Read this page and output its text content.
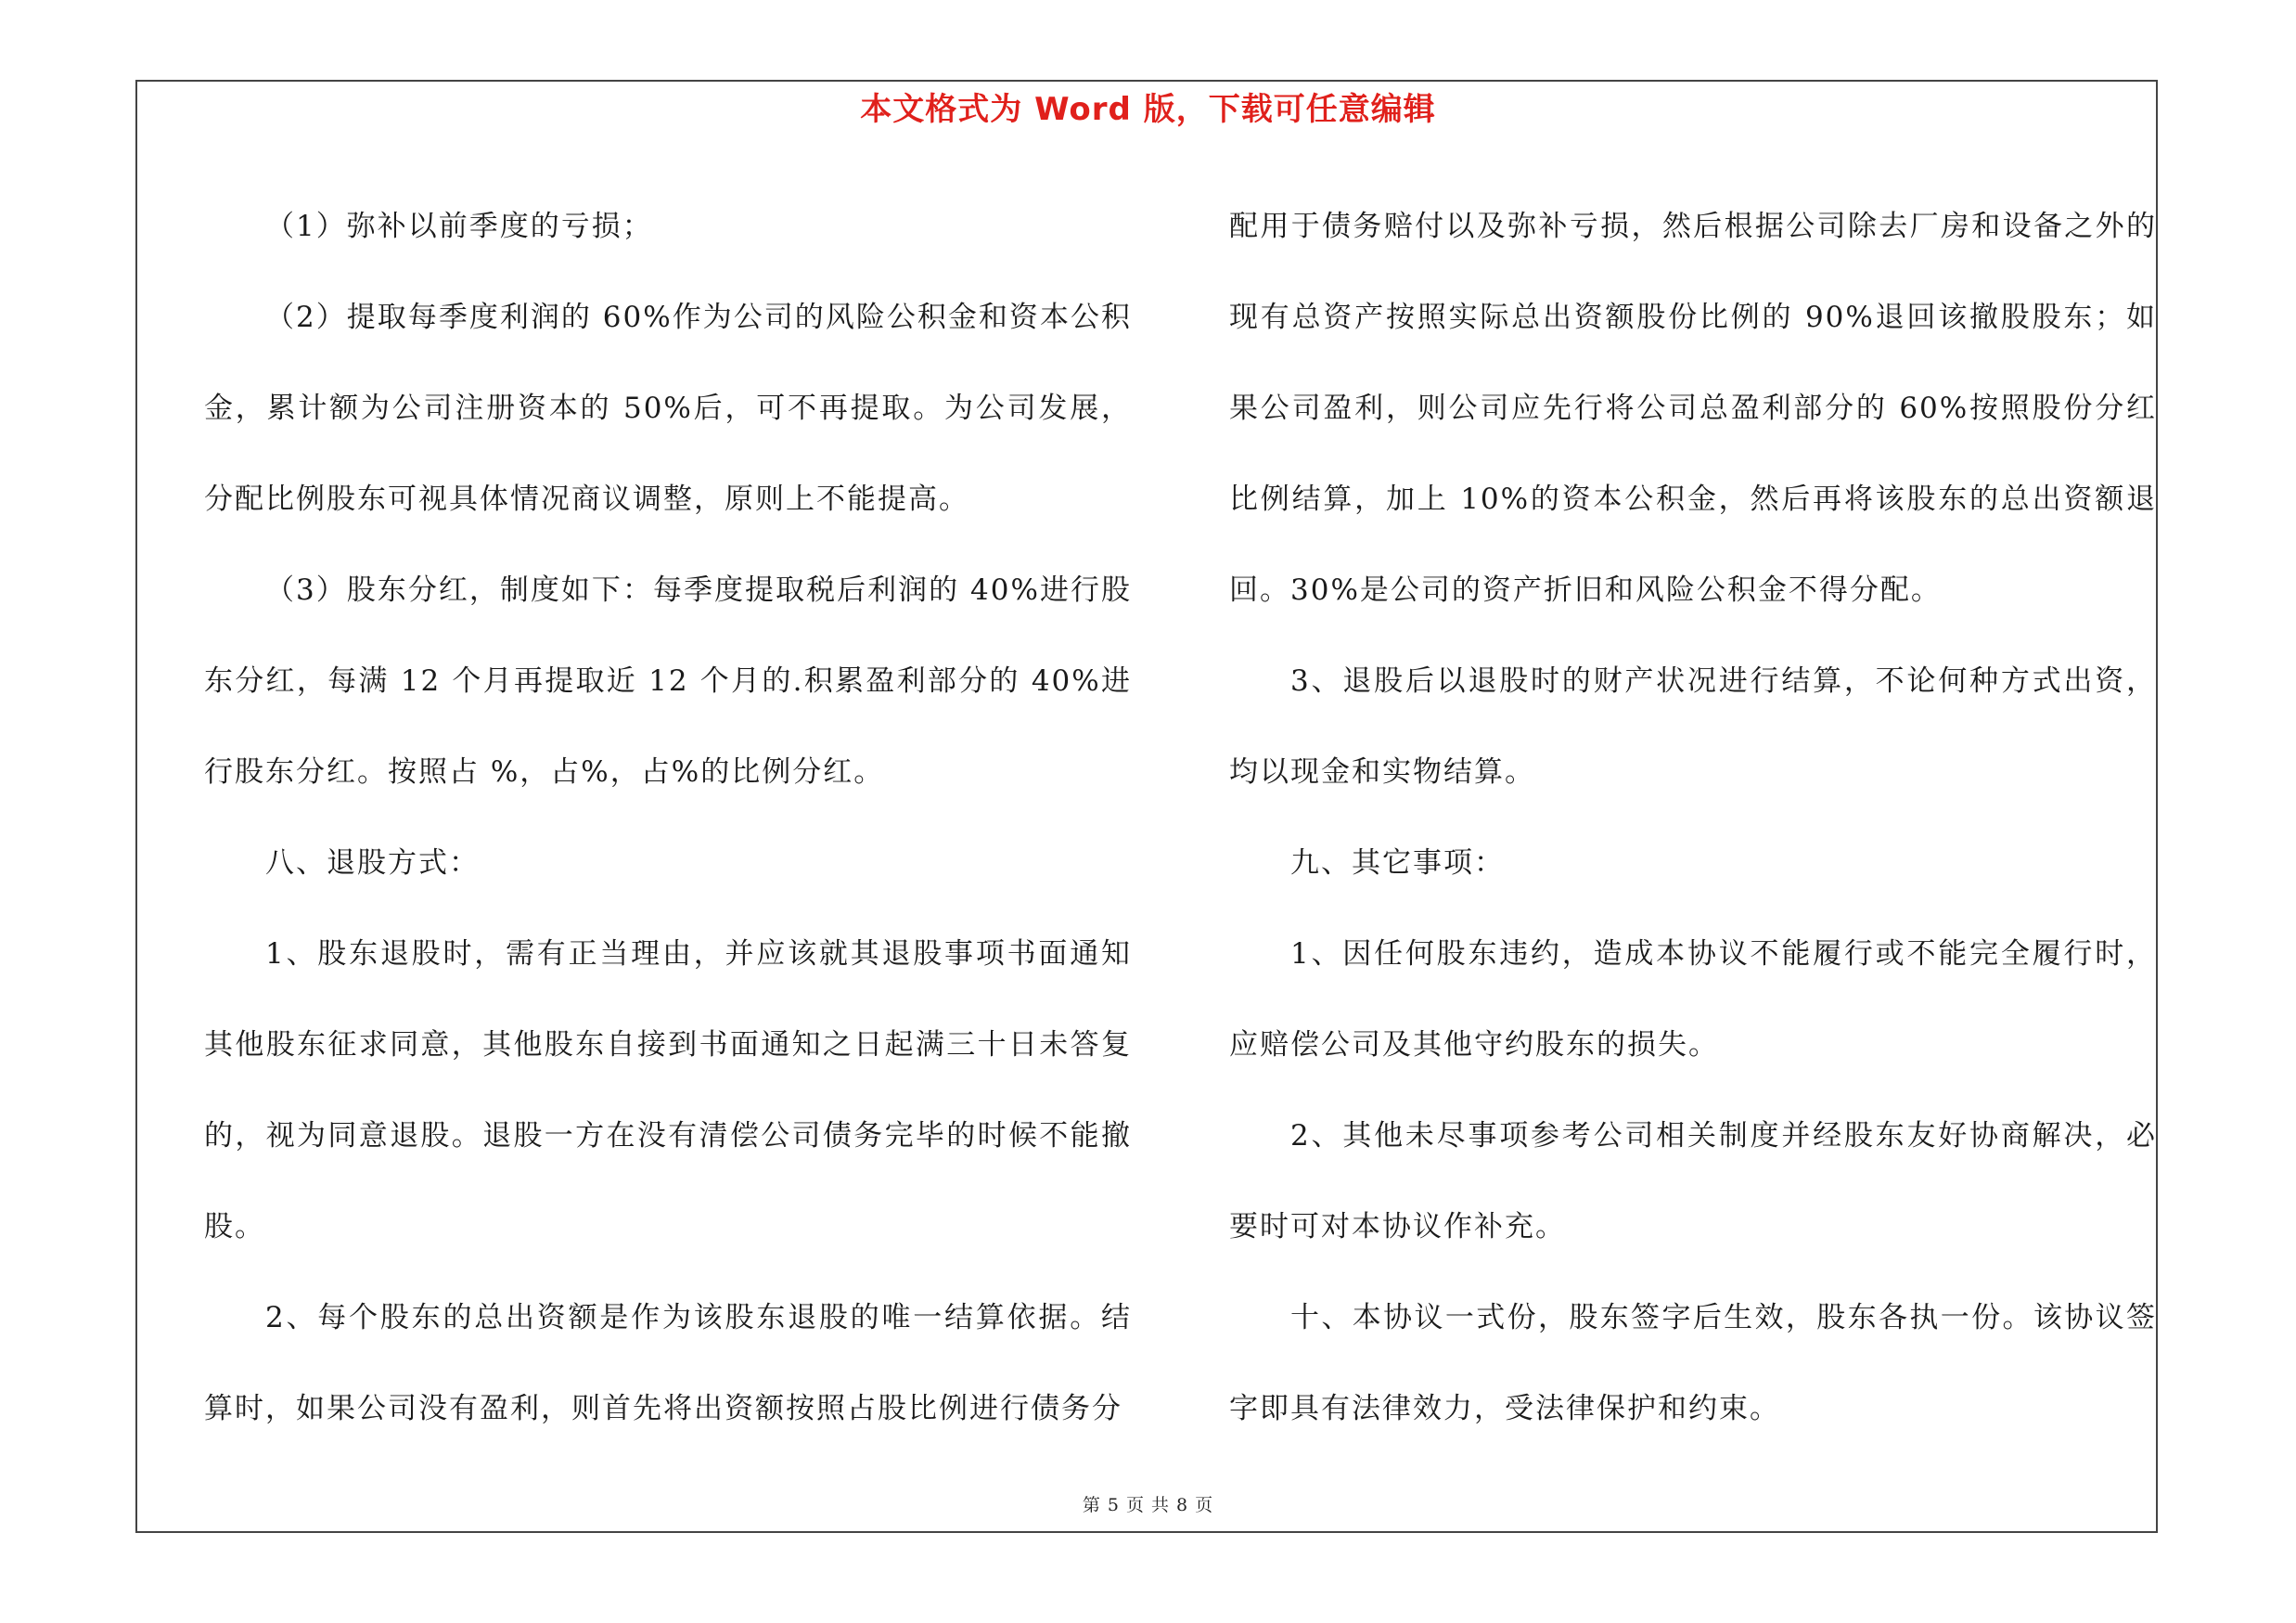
本文格式为 Word 版，下载可任意编辑

（1）弥补以前季度的亏损；

（2）提取每季度利润的 60%作为公司的风险公积金和资本公积金，累计额为公司注册资本的 50%后，可不再提取。为公司发展，分配比例股东可视具体情况商议调整，原则上不能提高。

（3）股东分红，制度如下：每季度提取税后利润的 40%进行股东分红，每满 12 个月再提取近 12 个月的.积累盈利部分的 40%进行股东分红。按照占 %，占%，占%的比例分红。

八、退股方式：

1、股东退股时，需有正当理由，并应该就其退股事项书面通知其他股东征求同意，其他股东自接到书面通知之日起满三十日未答复的，视为同意退股。退股一方在没有清偿公司债务完毕的时候不能撤股。

2、每个股东的总出资额是作为该股东退股的唯一结算依据。结算时，如果公司没有盈利，则首先将出资额按照占股比例进行债务分

配用于债务赔付以及弥补亏损，然后根据公司除去厂房和设备之外的现有总资产按照实际总出资额股份比例的 90%退回该撤股股东；如果公司盈利，则公司应先行将公司总盈利部分的 60%按照股份分红比例结算，加上 10%的资本公积金，然后再将该股东的总出资额退回。30%是公司的资产折旧和风险公积金不得分配。

3、退股后以退股时的财产状况进行结算，不论何种方式出资，均以现金和实物结算。

九、其它事项：

1、因任何股东违约，造成本协议不能履行或不能完全履行时，应赔偿公司及其他守约股东的损失。

2、其他未尽事项参考公司相关制度并经股东友好协商解决，必要时可对本协议作补充。

十、本协议一式份，股东签字后生效，股东各执一份。该协议签字即具有法律效力，受法律保护和约束。

第 5 页 共 8 页
